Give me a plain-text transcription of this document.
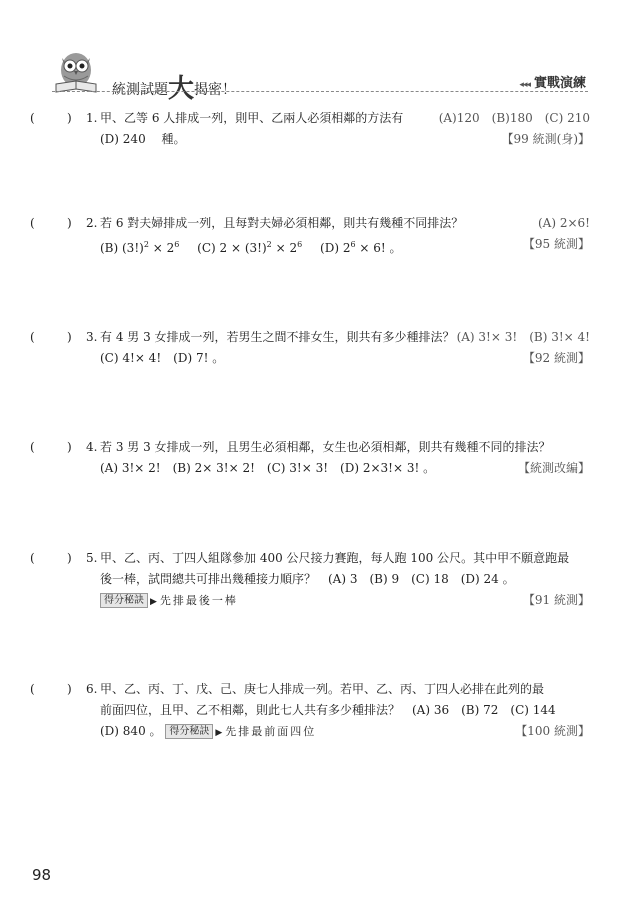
統測試題大揭密！	◂◂◂ 實戰演練
(	) 1. 甲、乙等 6 人排成一列，則甲、乙兩人必須相鄰的方法有	(A)120　(B)180　(C) 210
(D) 240　 種。	【99 統測(身)】
(	) 2. 若 6 對夫婦排成一列，且每對夫婦必須相鄰，則共有幾種不同排法？	(A) 2×6!
(B) $(3!)^2 \times 2^6$ (C) $2 \times (3!)^2 \times 2^6$ (D) $2^6 \times 6$! 。	【95 統測】
(	) 3. 有 4 男 3 女排成一列，若男生之間不排女生，則共有多少種排法？ (A) 3!× 3!　(B) 3!× 4!
(C) 4!× 4!　(D) 7! 。	【92 統測】
(	) 4. 若 3 男 3 女排成一列，且男生必須相鄰，女生也必須相鄰，則共有幾種不同的排法？
(A) 3!× 2!　(B) 2× 3!× 2!　(C) 3!× 3!　(D) 2×3!× 3! 。	【統測改編】
(	) 5. 甲、乙、丙、丁四人組隊參加 400 公尺接力賽跑，每人跑 100 公尺。其中甲不願意跑最
後一棒，試問總共可排出幾種接力順序？　(A) 3　(B) 9　(C) 18　(D) 24 。
得分秘訣 ▶ 先排最後一棒	【91 統測】
(	) 6. 甲、乙、丙、丁、戊、己、庚七人排成一列。若甲、乙、丙、丁四人必排在此列的最
前面四位，且甲、乙不相鄰，則此七人共有多少種排法？　(A) 36　(B) 72　(C) 144
(D) 840 。 得分秘訣 ▶ 先排最前面四位	【100 統測】
98
